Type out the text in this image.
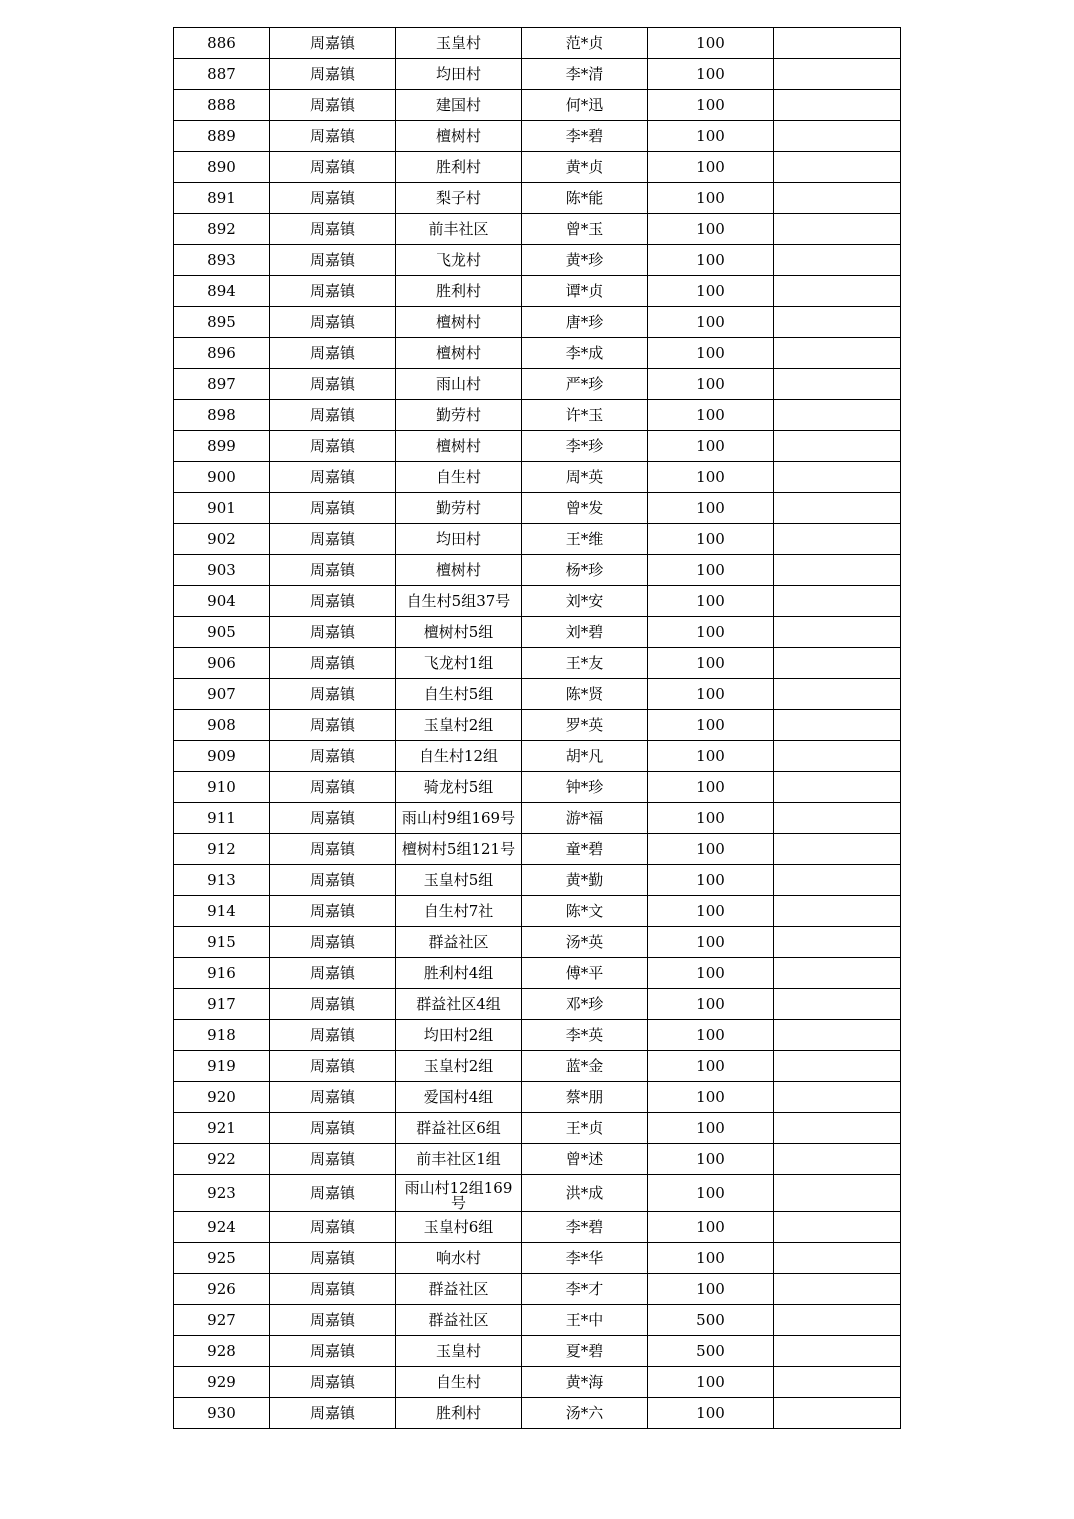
886	周嘉镇	玉皇村	范*贞	100	
887	周嘉镇	均田村	李*清	100	
888	周嘉镇	建国村	何*迅	100	
889	周嘉镇	檀树村	李*碧	100	
890	周嘉镇	胜利村	黄*贞	100	
891	周嘉镇	梨子村	陈*能	100	
892	周嘉镇	前丰社区	曾*玉	100	
893	周嘉镇	飞龙村	黄*珍	100	
894	周嘉镇	胜利村	谭*贞	100	
895	周嘉镇	檀树村	唐*珍	100	
896	周嘉镇	檀树村	李*成	100	
897	周嘉镇	雨山村	严*珍	100	
898	周嘉镇	勤劳村	许*玉	100	
899	周嘉镇	檀树村	李*珍	100	
900	周嘉镇	自生村	周*英	100	
901	周嘉镇	勤劳村	曾*发	100	
902	周嘉镇	均田村	王*维	100	
903	周嘉镇	檀树村	杨*珍	100	
904	周嘉镇	自生村5组37号	刘*安	100	
905	周嘉镇	檀树村5组	刘*碧	100	
906	周嘉镇	飞龙村1组	王*友	100	
907	周嘉镇	自生村5组	陈*贤	100	
908	周嘉镇	玉皇村2组	罗*英	100	
909	周嘉镇	自生村12组	胡*凡	100	
910	周嘉镇	骑龙村5组	钟*珍	100	
911	周嘉镇	雨山村9组169号	游*福	100	
912	周嘉镇	檀树村5组121号	童*碧	100	
913	周嘉镇	玉皇村5组	黄*勤	100	
914	周嘉镇	自生村7社	陈*文	100	
915	周嘉镇	群益社区	汤*英	100	
916	周嘉镇	胜利村4组	傅*平	100	
917	周嘉镇	群益社区4组	邓*珍	100	
918	周嘉镇	均田村2组	李*英	100	
919	周嘉镇	玉皇村2组	蓝*金	100	
920	周嘉镇	爱国村4组	蔡*朋	100	
921	周嘉镇	群益社区6组	王*贞	100	
922	周嘉镇	前丰社区1组	曾*述	100	
923	周嘉镇	雨山村12组169号	洪*成	100	
924	周嘉镇	玉皇村6组	李*碧	100	
925	周嘉镇	响水村	李*华	100	
926	周嘉镇	群益社区	李*才	100	
927	周嘉镇	群益社区	王*中	500	
928	周嘉镇	玉皇村	夏*碧	500	
929	周嘉镇	自生村	黄*海	100	
930	周嘉镇	胜利村	汤*六	100	
